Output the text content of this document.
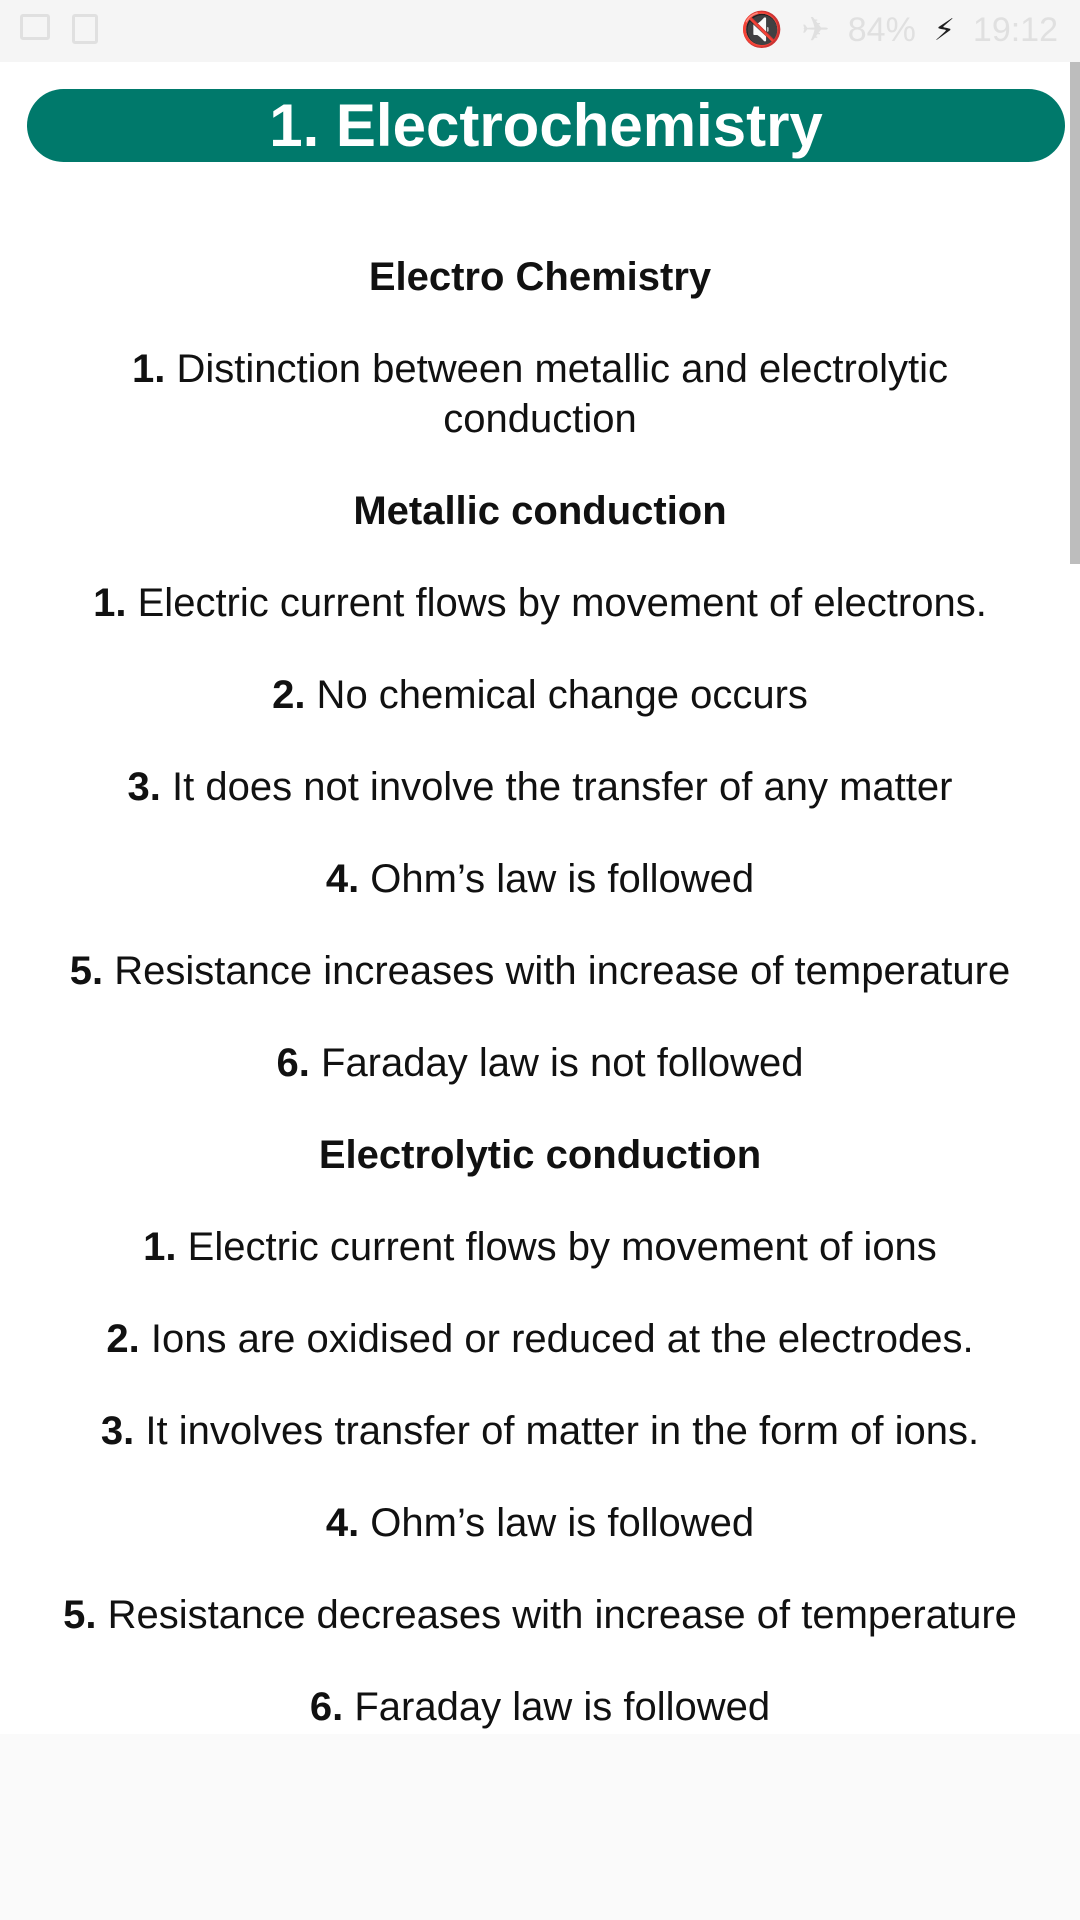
🔇 ✈ 84% ⚡ 19:12
1. Electrochemistry

Electro Chemistry

1. Distinction between metallic and electrolytic conduction

Metallic conduction

1. Electric current flows by movement of electrons.

2. No chemical change occurs

3. It does not involve the transfer of any matter

4. Ohm’s law is followed

5. Resistance increases with increase of temperature

6. Faraday law is not followed

Electrolytic conduction

1. Electric current flows by movement of ions

2. Ions are oxidised or reduced at the electrodes.

3. It involves transfer of matter in the form of ions.

4. Ohm’s law is followed

5. Resistance decreases with increase of temperature

6. Faraday law is followed
